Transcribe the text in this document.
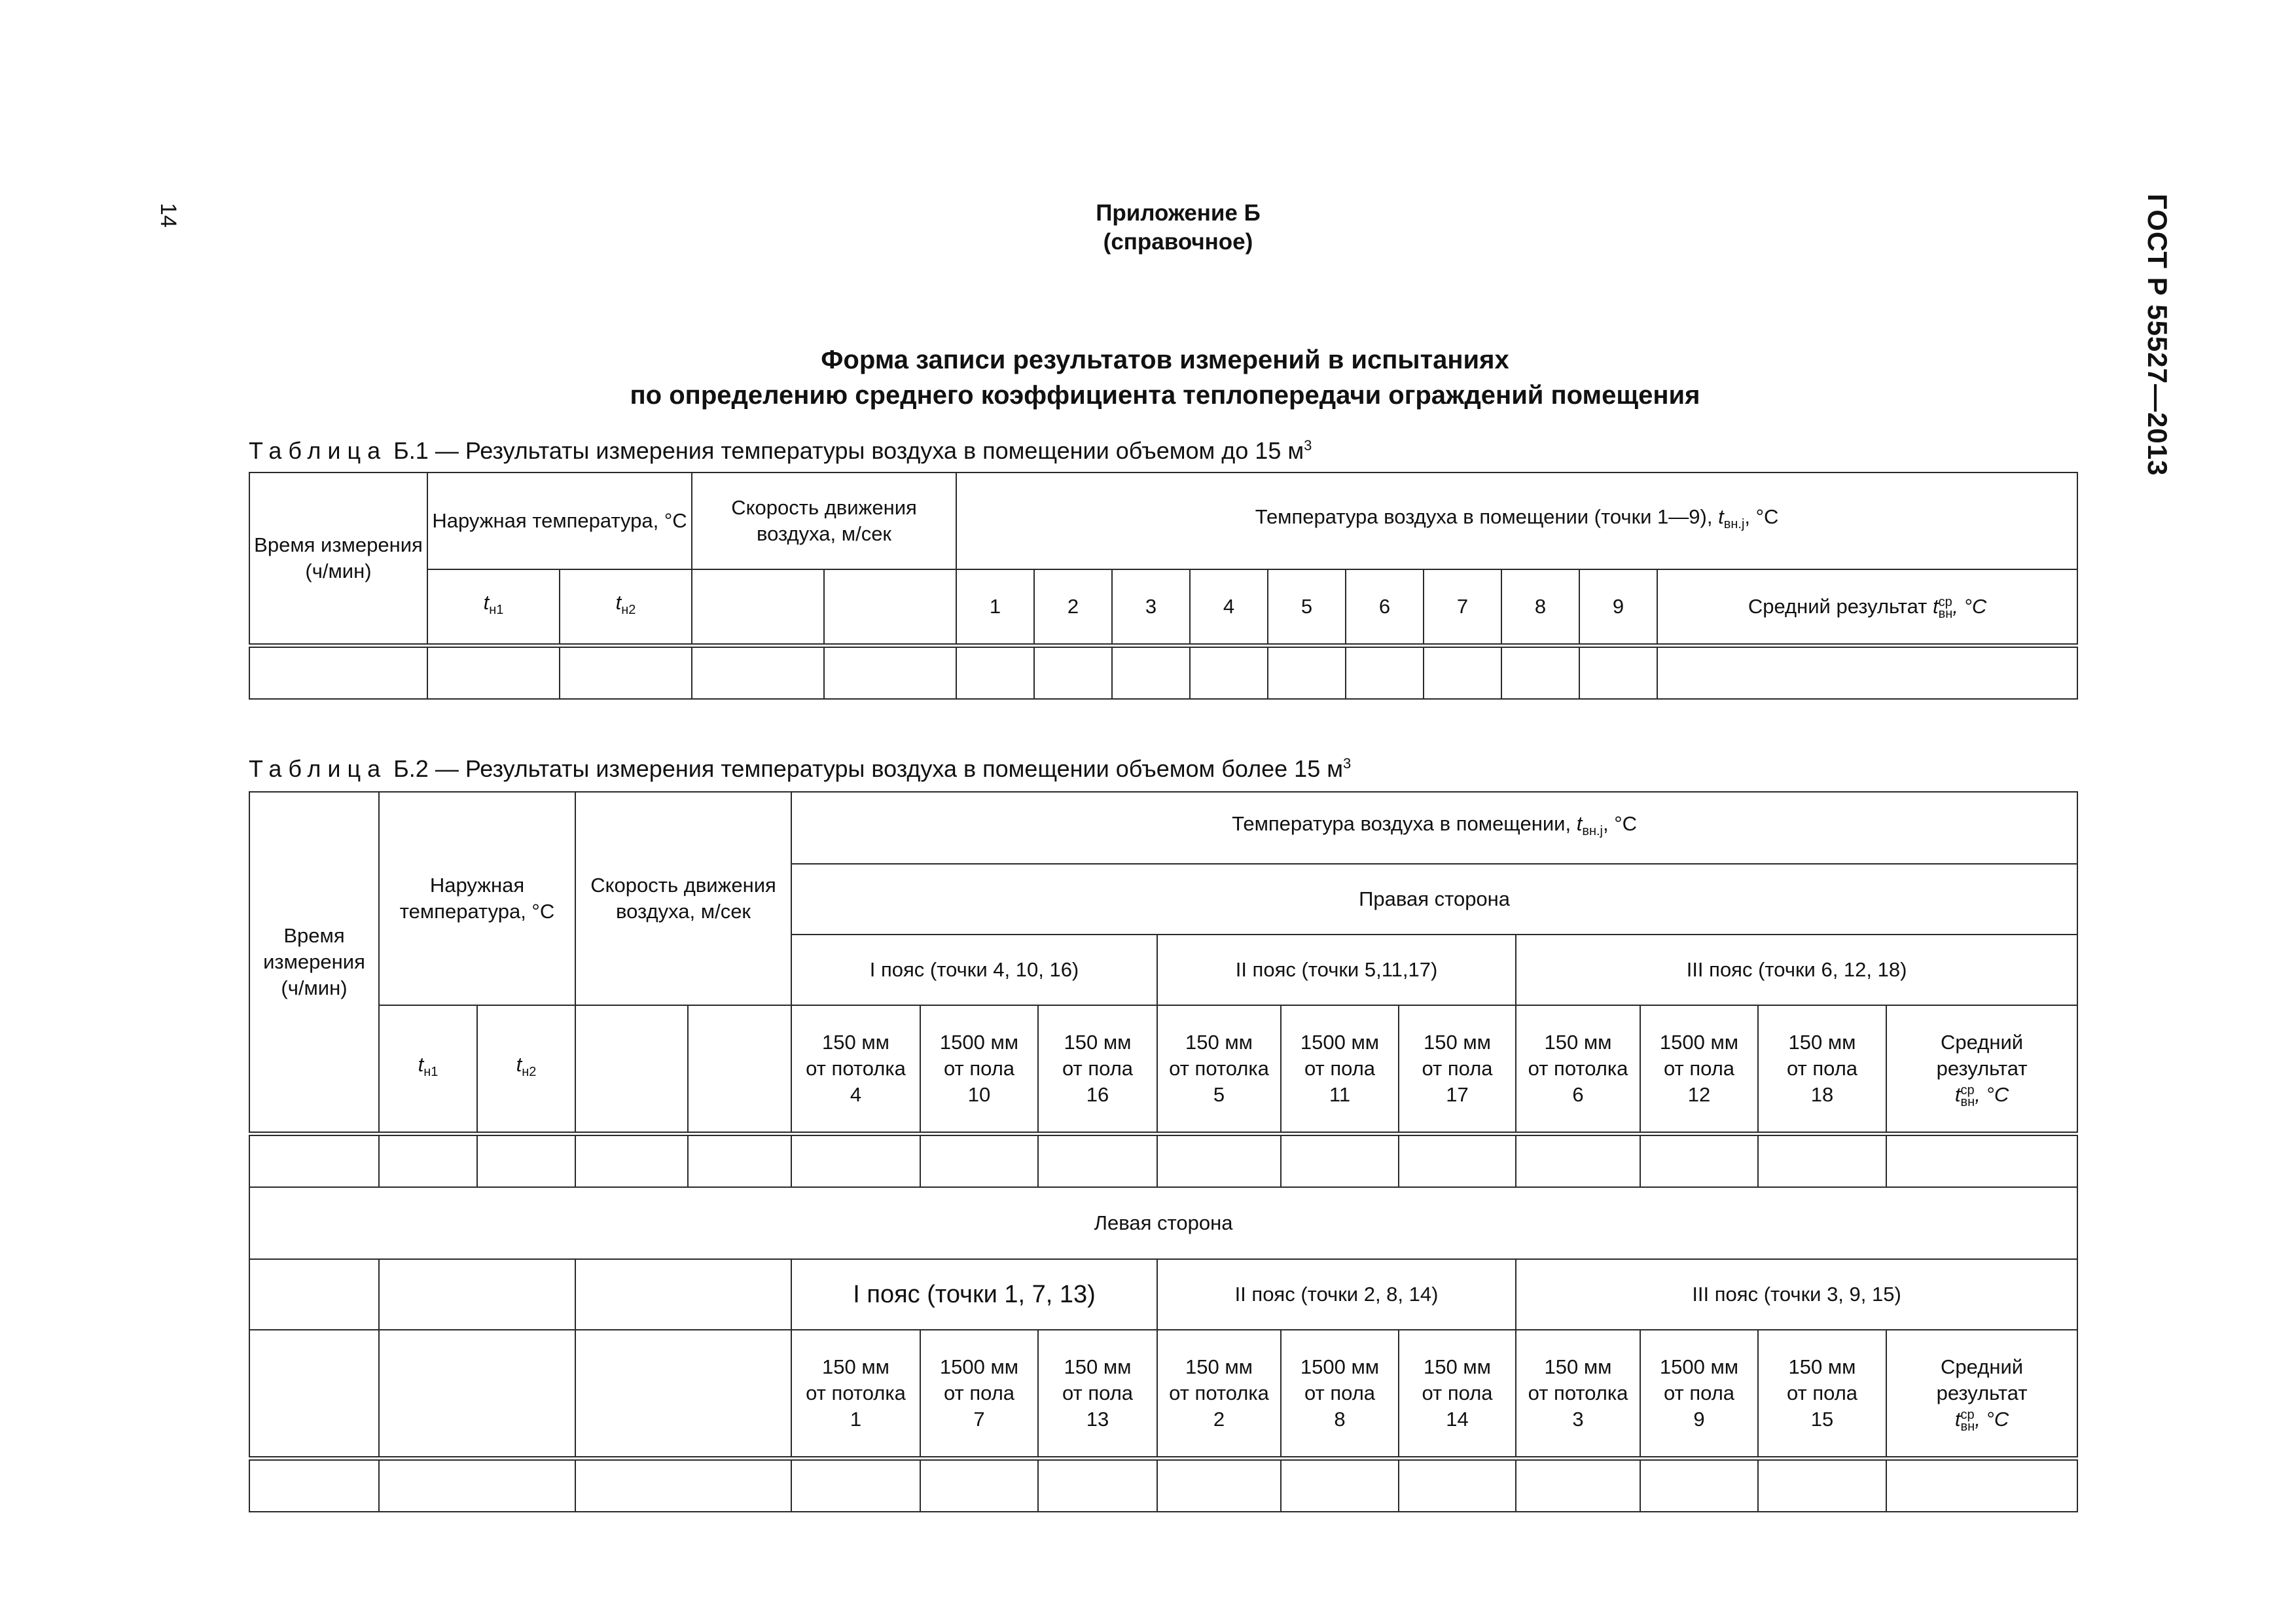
14	ГОСТ Р 55527—2013
Приложение Б
(справочное)
Форма записи результатов измерений в испытаниях
по определению среднего коэффициента теплопередачи ограждений помещения
Таблица Б.1 — Результаты измерения температуры воздуха в помещении объемом до 15 $м^3$
Время измерения (ч/мин)	Наружная температура, °С		Скорость движения воздуха, м/сек		Температура воздуха в помещении (точки 1—9), $t_{вн.j}$, °С									
	$t_{н1}$	$t_{н2}$			1	2	3	4	5	6	7	8	9	Средний результат tср
вн, °С

Таблица Б.2 — Результаты измерения температуры воздуха в помещении объемом более 15 $м^3$
Время измерения (ч/мин)	Наружная температура, °С		Скорость движения воздуха, м/сек		Температура воздуха в помещении, $t_{вн.j}$, °С									
					Правая сторона									
					I пояс (точки 4, 10, 16)			II пояс (точки 5,11,17)			III пояс (точки 6, 12, 18)			
	$t_{н1}$	$t_{н2}$			150 мм
от потолка
4	1500 мм
от пола
10	150 мм
от пола
16	150 мм
от потолка
5	1500 мм
от пола
11	150 мм
от пола
17	150 мм
от потолка
6	1500 мм
от пола
12	150 мм
от пола
18	Средний
результат
tср
вн, °С

Левая сторона														
					I пояс (точки 1, 7, 13)			II пояс (точки 2, 8, 14)			III пояс (точки 3, 9, 15)			
					150 мм
от потолка
1	1500 мм
от пола
7	150 мм
от пола
13	150 мм
от потолка
2	1500 мм
от пола
8	150 мм
от пола
14	150 мм
от потолка
3	1500 мм
от пола
9	150 мм
от пола
15	Средний
результат
tср
вн, °С
